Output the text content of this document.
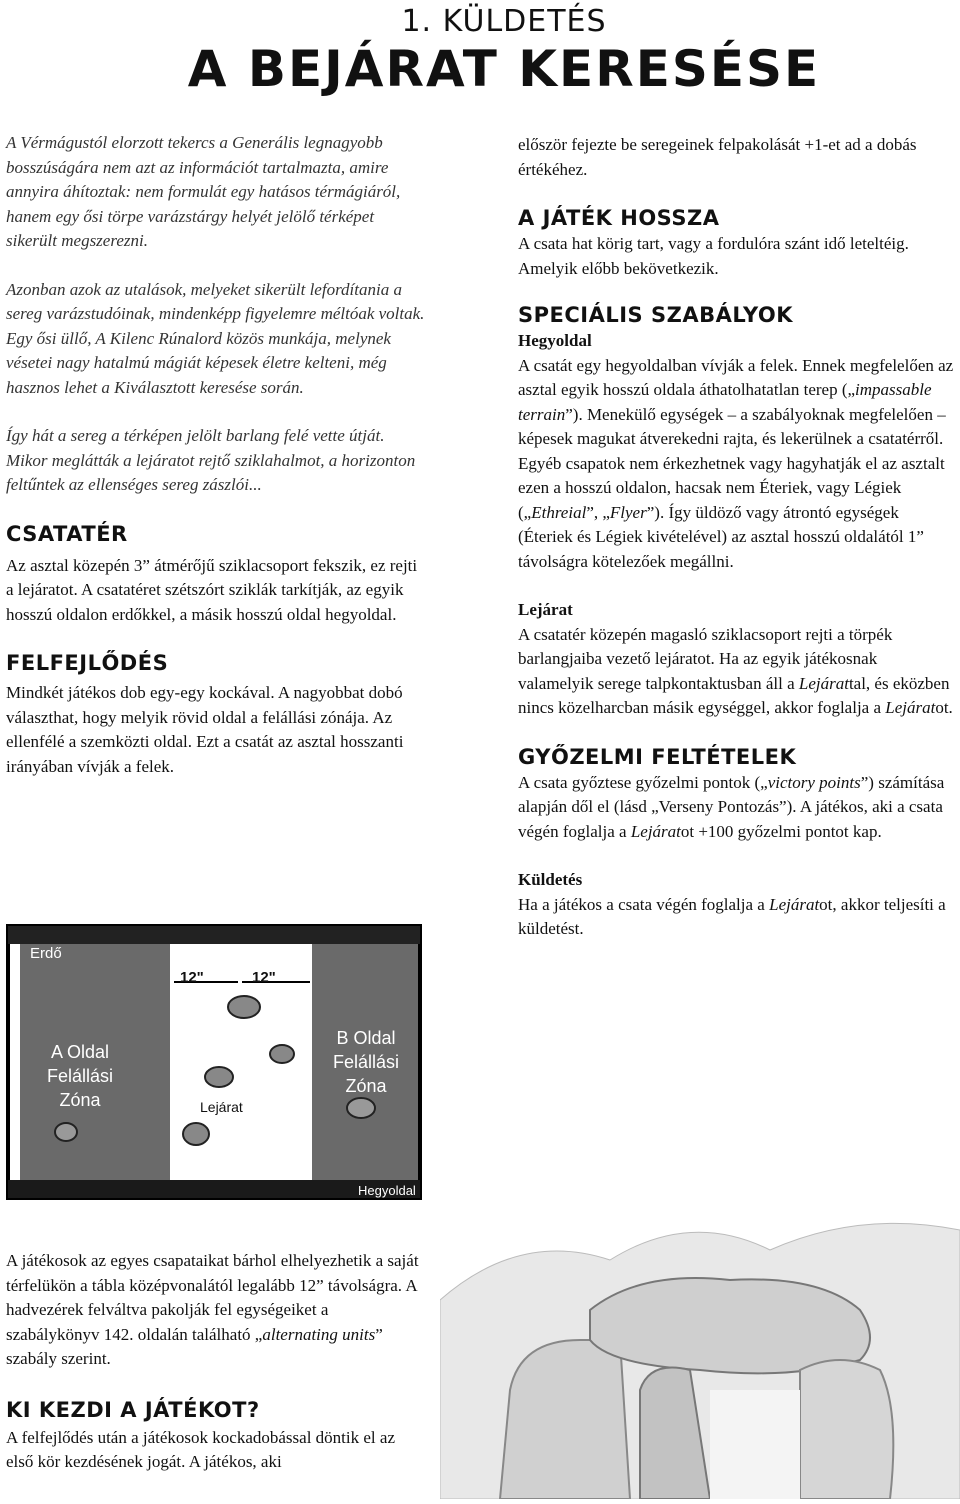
1. KÜLDETÉS
A BEJÁRAT KERESÉSE

A Vérmágustól elorzott tekercs a Generális legnagyobb bosszúságára nem azt az információt tartalmazta, amire annyira áhítoztak: nem formulát egy hatásos térmágiáról, hanem egy ősi törpe varázstárgy helyét jelölő térképet sikerült megszerezni.

Azonban azok az utalások, melyeket sikerült lefordítania a sereg varázstudóinak, mindenképp figyelemre méltóak voltak. Egy ősi üllő, A Kilenc Rúnalord közös munkája, melynek vésetei nagy hatalmú mágiát képesek életre kelteni, még hasznos lehet a Kiválasztott keresése során.

Így hát a sereg a térképen jelölt barlang felé vette útját. Mikor meglátták a lejáratot rejtő sziklahalmot, a horizonton feltűntek az ellenséges sereg zászlói...

CSATATÉR

Az asztal közepén 3” átmérőjű sziklacsoport fekszik, ez rejti a lejáratot. A csatatéret szétszórt sziklák tarkítják, az egyik hosszú oldalon erdőkkel, a másik hosszú oldal hegyoldal.

FELFEJLŐDÉS

Mindkét játékos dob egy-egy kockával. A nagyobbat dobó választhat, hogy melyik rövid oldal a felállási zónája. Az ellenfélé a szemközti oldal. Ezt a csatát az asztal hosszanti irányában vívják a felek.

Erdő
12"	12"
A Oldal
Felállási
Zóna
B Oldal
Felállási
Zóna
Lejárat
Hegyoldal

A játékosok az egyes csapataikat bárhol elhelyezhetik a saját térfelükön a tábla középvonalától legalább 12” távolságra. A hadvezérek felváltva pakolják fel egységeiket a szabálykönyv 142. oldalán található „alternating units” szabály szerint.

KI KEZDI A JÁTÉKOT?

A felfejlődés után a játékosok kockadobással döntik el az első kör kezdésének jogát. A játékos, aki

először fejezte be seregeinek felpakolását +1-et ad a dobás értékéhez.

A JÁTÉK HOSSZA

A csata hat körig tart, vagy a fordulóra szánt idő leteltéig. Amelyik előbb bekövetkezik.

SPECIÁLIS SZABÁLYOK

Hegyoldal

A csatát egy hegyoldalban vívják a felek. Ennek megfelelően az asztal egyik hosszú oldala áthatolhatatlan terep („impassable terrain”). Menekülő egységek – a szabályoknak megfelelően – képesek magukat átverekedni rajta, és lekerülnek a csatatérről. Egyéb csapatok nem érkezhetnek vagy hagyhatják el az asztalt ezen a hosszú oldalon, hacsak nem Éteriek, vagy Légiek („Ethreial”, „Flyer”). Így üldöző vagy átrontó egységek (Éteriek és Légiek kivételével) az asztal hosszú oldalától 1” távolságra kötelezőek megállni.

Lejárat

A csatatér közepén magasló sziklacsoport rejti a törpék barlangjaiba vezető lejáratot. Ha az egyik játékosnak valamelyik serege talpkontaktusban áll a Lejárattal, és eközben nincs közelharcban másik egységgel, akkor foglalja a Lejáratot.

GYŐZELMI FELTÉTELEK

A csata győztese győzelmi pontok („victory points”) számítása alapján dől el (lásd „Verseny Pontozás”). A játékos, aki a csata végén foglalja a Lejáratot +100 győzelmi pontot kap.

Küldetés

Ha a játékos a csata végén foglalja a Lejáratot, akkor teljesíti a küldetést.
